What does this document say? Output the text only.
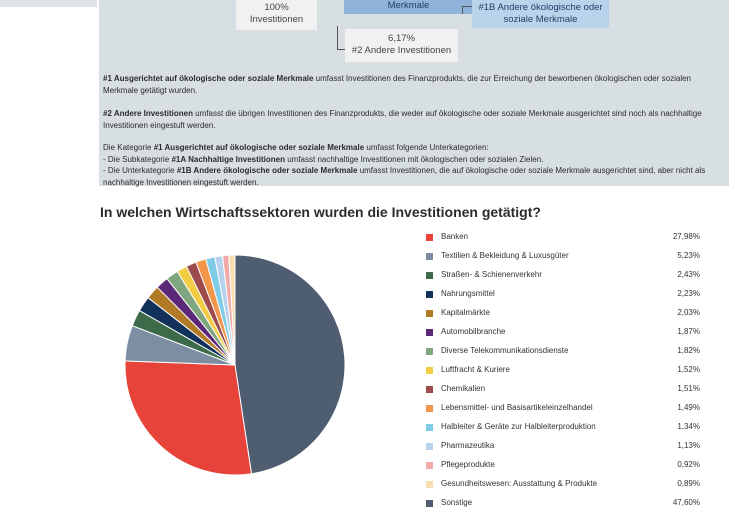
100%
Investitionen
Merkmale	#1B Andere ökologische oder
soziale Merkmale
6,17%
#2 Andere Investitionen
#1 Ausgerichtet auf ökologische oder soziale Merkmale umfasst Investitionen des Finanzprodukts, die zur Erreichung der beworbenen ökologischen oder sozialen Merkmale getätigt wurden.
#2 Andere Investitionen umfasst die übrigen Investitionen des Finanzprodukts, die weder auf ökologische oder soziale Merkmale ausgerichtet sind noch als nachhaltige Investitionen eingestuft werden.
Die Kategorie #1 Ausgerichtet auf ökologische oder soziale Merkmale umfasst folgende Unterkategorien:
- Die Subkategorie #1A Nachhaltige Investitionen umfasst nachhaltige Investitionen mit ökologischen oder sozialen Zielen.
- Die Unterkategorie #1B Andere ökologische oder soziale Merkmale umfasst Investitionen, die auf ökologische oder soziale Merkmale ausgerichtet sind, aber nicht als nachhaltige Investitionen eingestuft werden.
In welchen Wirtschaftssektoren wurden die Investitionen getätigt?
Banken	27,98%
Textilien & Bekleidung & Luxusgüter	5,23%
Straßen- & Schienenverkehr	2,43%
Nahrungsmittel	2,23%
Kapitalmärkte	2,03%
Automobilbranche	1,87%
Diverse Telekommunikationsdienste	1,82%
Luftfracht & Kuriere	1,52%
Chemikalien	1,51%
Lebensmittel- und Basisartikeleinzelhandel	1,49%
Halbleiter & Geräte zur Halbleiterproduktion	1,34%
Pharmazeutika	1,13%
Pflegeprodukte	0,92%
Gesundheitswesen: Ausstattung & Produkte	0,89%
Sonstige	47,60%
